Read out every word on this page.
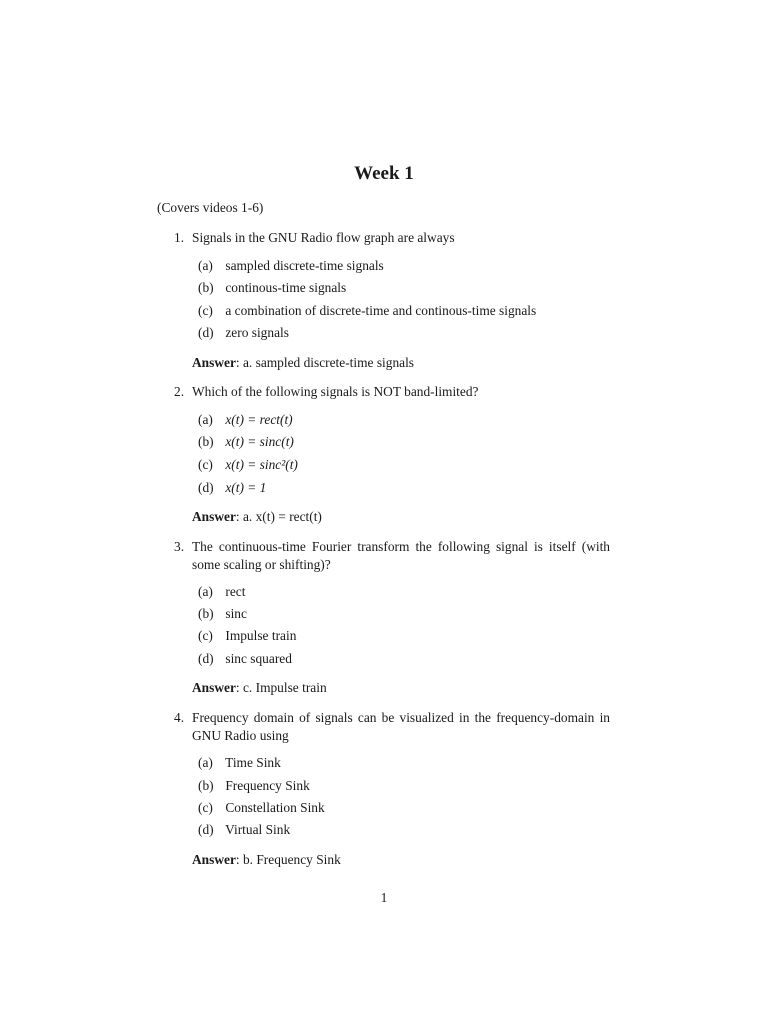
Week 1
(Covers videos 1-6)
1. Signals in the GNU Radio flow graph are always
(a) sampled discrete-time signals
(b) continous-time signals
(c) a combination of discrete-time and continous-time signals
(d) zero signals
Answer: a. sampled discrete-time signals
2. Which of the following signals is NOT band-limited?
(a) x(t) = rect(t)
(b) x(t) = sinc(t)
(c) x(t) = sinc²(t)
(d) x(t) = 1
Answer: a. x(t) = rect(t)
3. The continuous-time Fourier transform the following signal is itself (with some scaling or shifting)?
(a) rect
(b) sinc
(c) Impulse train
(d) sinc squared
Answer: c. Impulse train
4. Frequency domain of signals can be visualized in the frequency-domain in GNU Radio using
(a) Time Sink
(b) Frequency Sink
(c) Constellation Sink
(d) Virtual Sink
Answer: b. Frequency Sink
1
